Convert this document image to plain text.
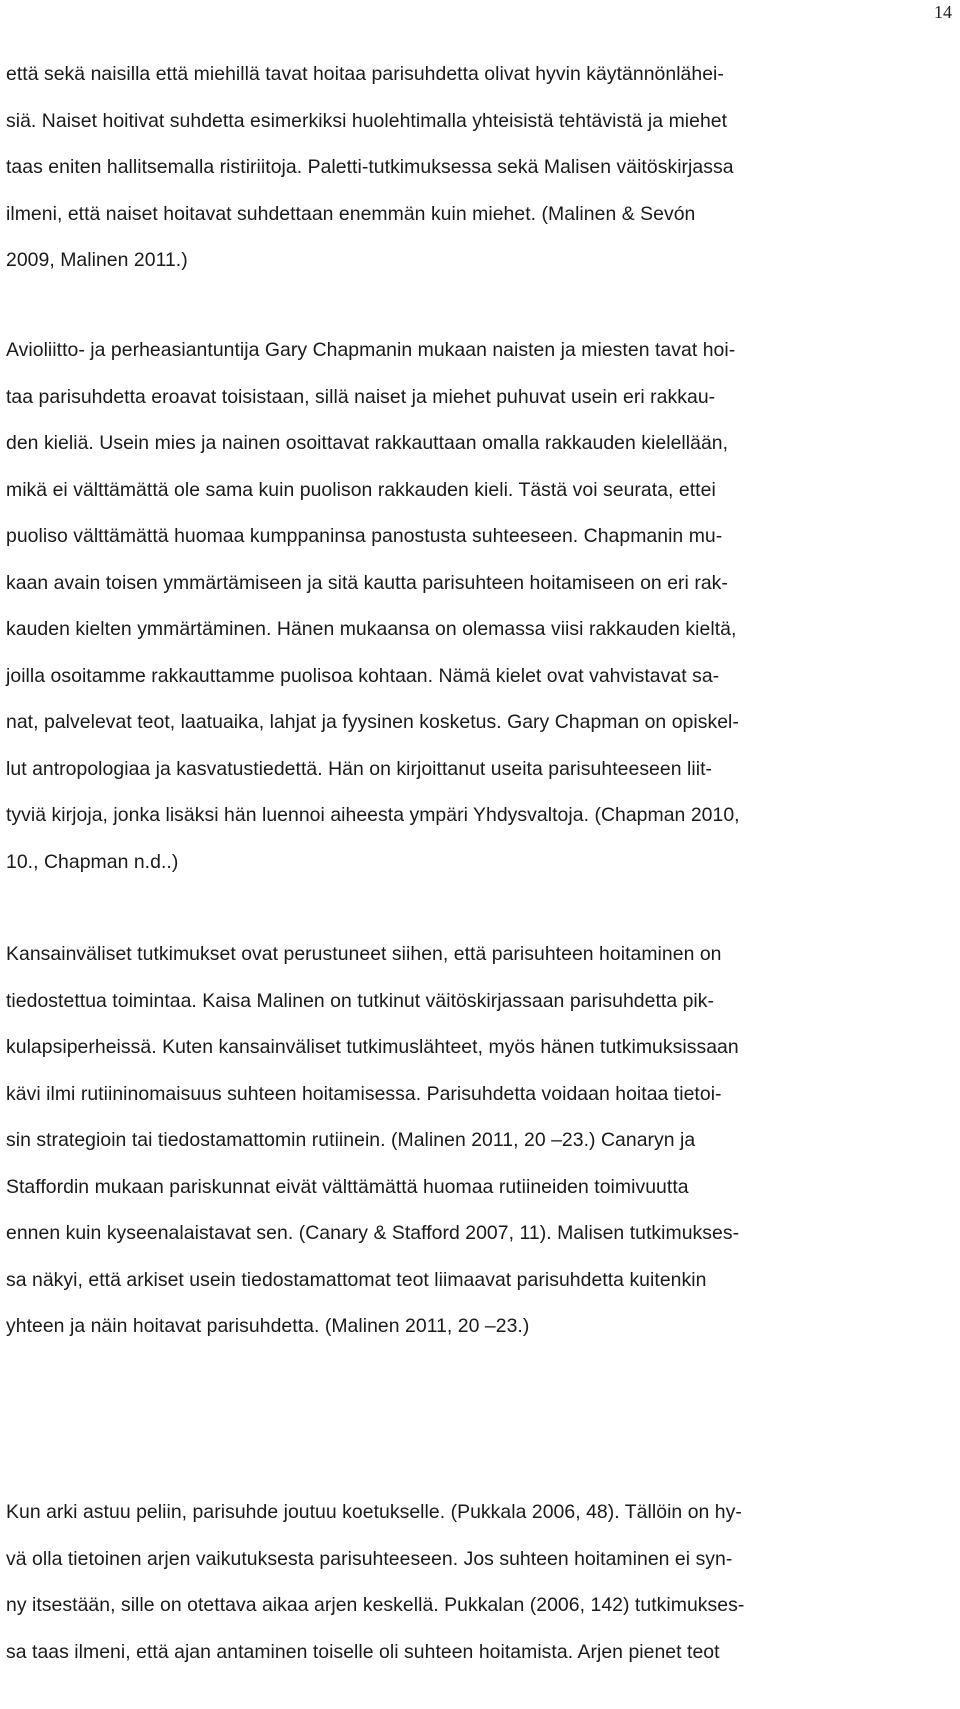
14
että sekä naisilla että miehillä tavat hoitaa parisuhdetta olivat hyvin käytännönlähei-
siä. Naiset hoitivat suhdetta esimerkiksi huolehtimalla yhteisistä tehtävistä ja miehet
taas eniten hallitsemalla ristiriitoja. Paletti-tutkimuksessa sekä Malisen väitöskirjassa
ilmeni, että naiset hoitavat suhdettaan enemmän kuin miehet. (Malinen & Sevón
2009, Malinen 2011.)
Avioliitto- ja perheasiantuntija Gary Chapmanin mukaan naisten ja miesten tavat hoi-
taa parisuhdetta eroavat toisistaan, sillä naiset ja miehet puhuvat usein eri rakkau-
den kieliä. Usein mies ja nainen osoittavat rakkauttaan omalla rakkauden kielellään,
mikä ei välttämättä ole sama kuin puolison rakkauden kieli. Tästä voi seurata, ettei
puoliso välttämättä huomaa kumppaninsa panostusta suhteeseen. Chapmanin mu-
kaan avain toisen ymmärtämiseen ja sitä kautta parisuhteen hoitamiseen on eri rak-
kauden kielten ymmärtäminen. Hänen mukaansa on olemassa viisi rakkauden kieltä,
joilla osoitamme rakkauttamme puolisoa kohtaan. Nämä kielet ovat vahvistavat sa-
nat, palvelevat teot, laatuaika, lahjat ja fyysinen kosketus. Gary Chapman on opiskel-
lut antropologiaa ja kasvatustiedettä. Hän on kirjoittanut useita parisuhteeseen liit-
tyviä kirjoja, jonka lisäksi hän luennoi aiheesta ympäri Yhdysvaltoja. (Chapman 2010,
10., Chapman n.d..)
Kansainväliset tutkimukset ovat perustuneet siihen, että parisuhteen hoitaminen on
tiedostettua toimintaa. Kaisa Malinen on tutkinut väitöskirjassaan parisuhdetta pik-
kulapsiperheissä. Kuten kansainväliset tutkimuslähteet, myös hänen tutkimuksissaan
kävi ilmi rutiininomaisuus suhteen hoitamisessa. Parisuhdetta voidaan hoitaa tietoi-
sin strategioin tai tiedostamattomin rutiinein. (Malinen 2011, 20 –23.) Canaryn ja
Staffordin mukaan pariskunnat eivät välttämättä huomaa rutiineiden toimivuutta
ennen kuin kyseenalaistavat sen. (Canary & Stafford 2007, 11). Malisen tutkimukses-
sa näkyi, että arkiset usein tiedostamattomat teot liimaavat parisuhdetta kuitenkin
yhteen ja näin hoitavat parisuhdetta. (Malinen 2011, 20 –23.)
Kun arki astuu peliin, parisuhde joutuu koetukselle. (Pukkala 2006, 48). Tällöin on hy-
vä olla tietoinen arjen vaikutuksesta parisuhteeseen. Jos suhteen hoitaminen ei syn-
ny itsestään, sille on otettava aikaa arjen keskellä. Pukkalan (2006, 142) tutkimukses-
sa taas ilmeni, että ajan antaminen toiselle oli suhteen hoitamista. Arjen pienet teot
